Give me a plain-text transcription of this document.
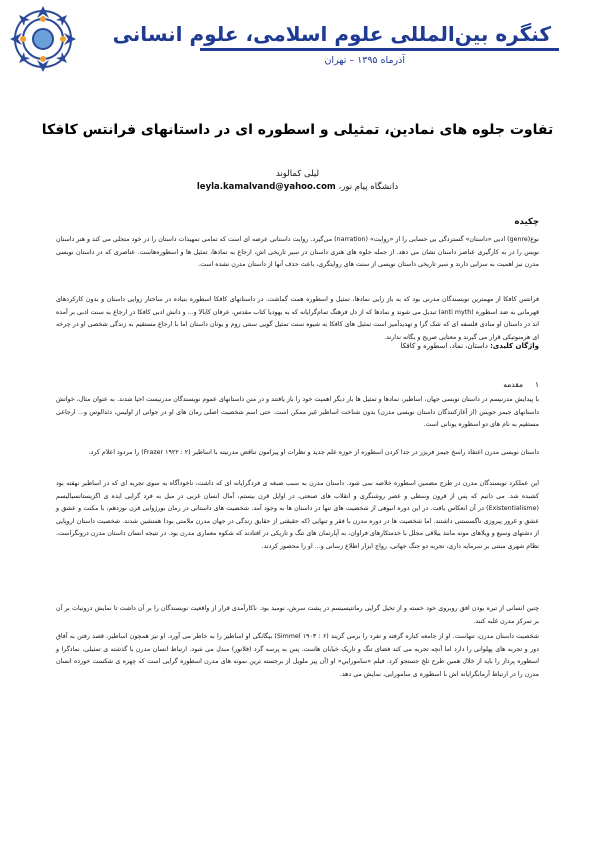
کنگره بین‌المللی علوم اسلامی، علوم انسانی
آذرماه ۱۳۹۵ – تهران
تفاوت جلوه های نمادین، تمثیلی و اسطوره ای در داستانهای فرانتس کافکا
لیلی کمالوند
دانشگاه پیام نور، leyla.kamalvand@yahoo.com
چکیده
نوع(genre) ادبی «داستان» گستردگی بی حسابی را از «روایت» (narration) می‌گیرد. روایت داستانی عرصه ای است که تمامی تمهیدات داستان را در خود متجلی می کند و هنر داستان نویس را در به کارگیری عناصر داستان نشان می دهد. از جمله جلوه های هنری داستان در سیر تاریخی اش، ارجاع به نمادها، تمثیل ها و اسطوره‌هاست. عناصری که در داستان نویسی مدرن نیز اهمیت به سزایی دارند و سیر تاریخی داستان نویسی از سنت های روایتگری، باعث حذف آنها از داستان مدرن نشده است.
فرانتس کافکا از مهمترین نویسندگان مدرنی بود که به باز زایی نمادها، تمثیل و اسطوره همت گماشت. در داستانهای کافکا اسطوره‌ بنیاده در ساختار روایی داستان و بدون کارکردهای قهرمانی به ضد اسطوره (anti myth) تبدیل می شوند و نمادها که از دل فرهنگ تمام‌گرایانه که به یهودیا کتاب مقدس، عرفان کابالا و... و دانش ادبی کافکا در ارجاع به سنت ادبی بر آمده اند در داستان او منادی فلسفه ای که شک گرا و تهدید‌آمیز است تمثیل های کافکا به شیوه سنت تمثیل گویی سنتی روم و یونان داستان اما با ارجاع مستقیم به زندگی شخصی او در چرخه ای هرمنوتیکی قرار می گیرند و معنایی صریح و یگانه ندارند.
واژگان کلیدی: داستان، نماد، اسطوره و کافکا
۱     مقدمه
با پیدایش مدرنیسم در داستان نویسی جهان، اساطیر، نمادها و تمثیل ها بار دیگر اهمیت خود را باز یافتند و در متن داستانهای عموم نویسندگان مدرنیست احیا شدند. به عنوان مثال، خوانش داستانهای جیمز جویس (از آغازکنندگان داستان نویسی مدرن) بدون شناخت اساطیر غیر ممکن است. حتی اسم شخصیت اصلی رمان های او در جوانی از اولیس، دئدالوس و... ارجاعی مستقیم به نام های دو اسطوره یونانی است.
داستان نویسی مدرن اعتقاد راسخ جیمز فریزر در جدا کردن اسطوره از حوزه علم جدید و نظرات او پیرامون تناقض مدرنیته با اساطیر (Frazer ۱۹۲۲ : ۲) را مردود اعلام کرد.
این عملکرد نویسندگان مدرن در طرح مضمین اسطوره خلاصه نمی شود. داستان مدرن به سبب صبغه ی فردگرایانه ای که داشت، ناخودآگاه به سوی تجربه ای که در اساطیر نهفته بود کشیده شد. می دانیم که پس از قرون وسطی و عصر روشنگری و انقلاب های صنعتی، در اوایل قرن بیستم، آمال انسان غربی در میل به فرد گرایی ایده ی اگزیستانسیالیسم (Existentialisme) در آن انعکاس یافت. در این دوره انبوهی از شخصیت های تنها در داستان ها به وجود آمد. شخصیت های داستانی در رمان بورژوایی قرن نوزدهم، با مکنت و عشق و عشق و غرور پیروزی ناگسستنی داشتند. اما شخصیت ها در دوره مدرن با فقر و تنهایی (که حقیقتی از حقایق زندگی در جهان مدرن ملامتی بود) همنشین شدند. شخصیت داستان اروپایی از دشتهای وسیع و ویلاهای مونه مانند ییلاقی مجلل با خدمتکارهای فراوان، به آپارتمان های تنگ و تاریکی در افتادند که شکوه معماری مدرن بود. در نتیجه انسان داستان مدرن درونگراست. نظام شهری مبتنی بر سرمایه داری، تجربه دو جنگ جهانی، رواج ابزار اطلاع رسانی و... او را محصور کردند.
چنین انسانی از تیره بودن افق روبروی خود خسته و از تخیل گرایی رمانتیسیسم در پشت سرش، نومید بود. ناکارآمدی قرار از واقعیت نویسندگان را بر آن داشت تا نمایش درونیات بر آن بر تمرکز مدرن غلبه کنند.
شخصیت داستان مدرن، تنهاست. او از جامعه کناره گرفته و تفرد را برمی گزیند (Simmel ۱۹۰۳ : ۶) بیگانگی او اساطیر را به خاطر می آورد. او نیز همچون اساطیر، قصد رفتن به آفاق دور و تجربه های پهلوانی را دارد اما آنچه تجربه می کند فضای تنگ و تاریک خیابان هاست. پس به پرسه گرد (فلانور) مبدل می شود. ارتباط انسان مدرن با گذشته ی تمثیلی، نمادگرا و اسطوره پرداز را باید از خلال همین طرح تلخ جستجو کرد. فیلم «ساموراییِ» او (آن پیر ملویل از برجسته ترین نمونه های مدرن اسطوره گرایی است که چهره ی شکست خورده انسان مدرن را در ارتباط آرمانگرایانه اش با اسطوره ی سامورایی، نمایش می دهد.
